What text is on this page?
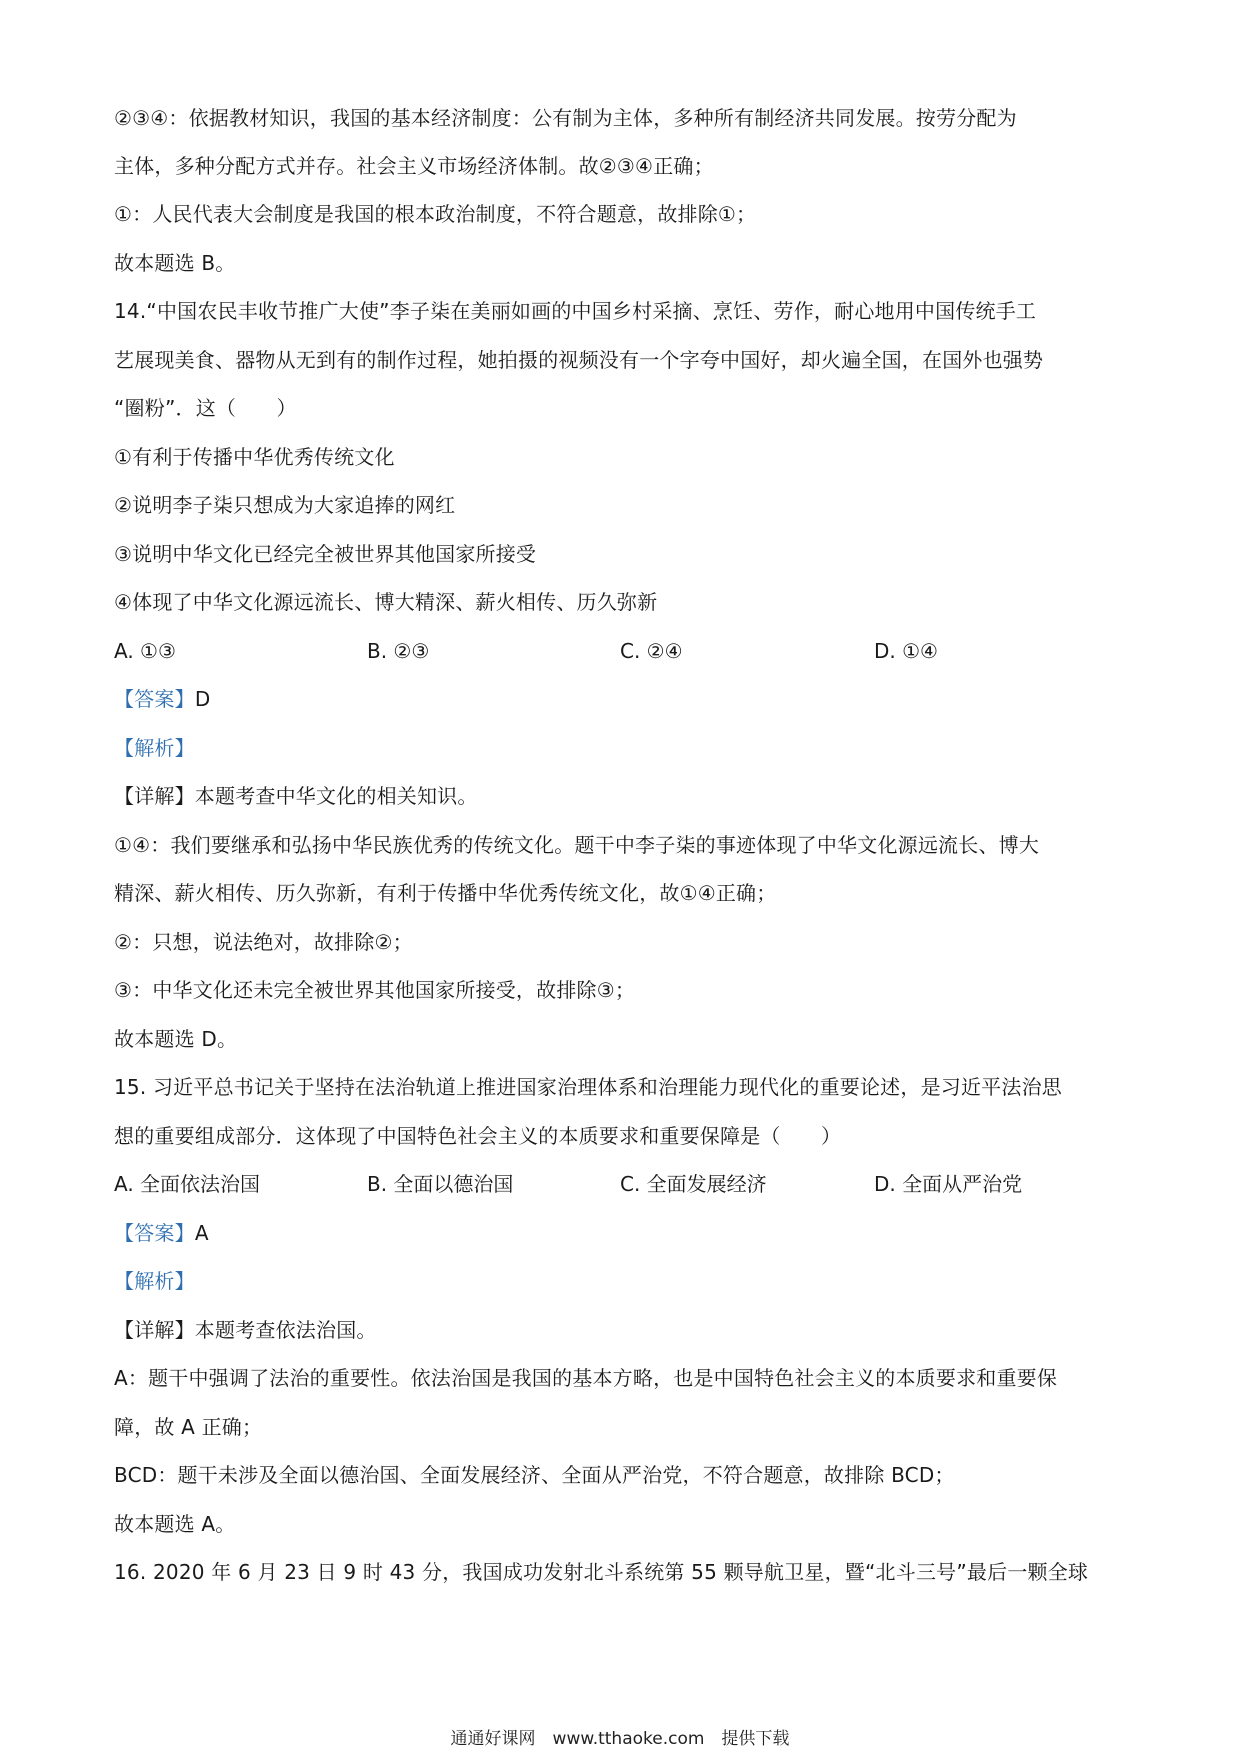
②③④：依据教材知识，我国的基本经济制度：公有制为主体，多种所有制经济共同发展。按劳分配为
主体，多种分配方式并存。社会主义市场经济体制。故②③④正确；
①：人民代表大会制度是我国的根本政治制度，不符合题意，故排除①；
故本题选 B。
14.“中国农民丰收节推广大使”李子柒在美丽如画的中国乡村采摘、烹饪、劳作，耐心地用中国传统手工
艺展现美食、器物从无到有的制作过程，她拍摄的视频没有一个字夸中国好，却火遍全国，在国外也强势
“圈粉”．这（　　）
①有利于传播中华优秀传统文化
②说明李子柒只想成为大家追捧的网红
③说明中华文化已经完全被世界其他国家所接受
④体现了中华文化源远流长、博大精深、薪火相传、历久弥新
A. ①③	B. ②③	C. ②④	D. ①④
【答案】D
【解析】
【详解】本题考查中华文化的相关知识。
①④：我们要继承和弘扬中华民族优秀的传统文化。题干中李子柒的事迹体现了中华文化源远流长、博大
精深、薪火相传、历久弥新，有利于传播中华优秀传统文化，故①④正确；
②：只想，说法绝对，故排除②；
③：中华文化还未完全被世界其他国家所接受，故排除③；
故本题选 D。
15. 习近平总书记关于坚持在法治轨道上推进国家治理体系和治理能力现代化的重要论述，是习近平法治思
想的重要组成部分．这体现了中国特色社会主义的本质要求和重要保障是（　　）
A. 全面依法治国	B. 全面以德治国	C. 全面发展经济	D. 全面从严治党
【答案】A
【解析】
【详解】本题考查依法治国。
A：题干中强调了法治的重要性。依法治国是我国的基本方略，也是中国特色社会主义的本质要求和重要保
障，故 A 正确；
BCD：题干未涉及全面以德治国、全面发展经济、全面从严治党，不符合题意，故排除 BCD；
故本题选 A。
16. 2020 年 6 月 23 日 9 时 43 分，我国成功发射北斗系统第 55 颗导航卫星，暨“北斗三号”最后一颗全球
通通好课网　www.tthaoke.com　提供下载
